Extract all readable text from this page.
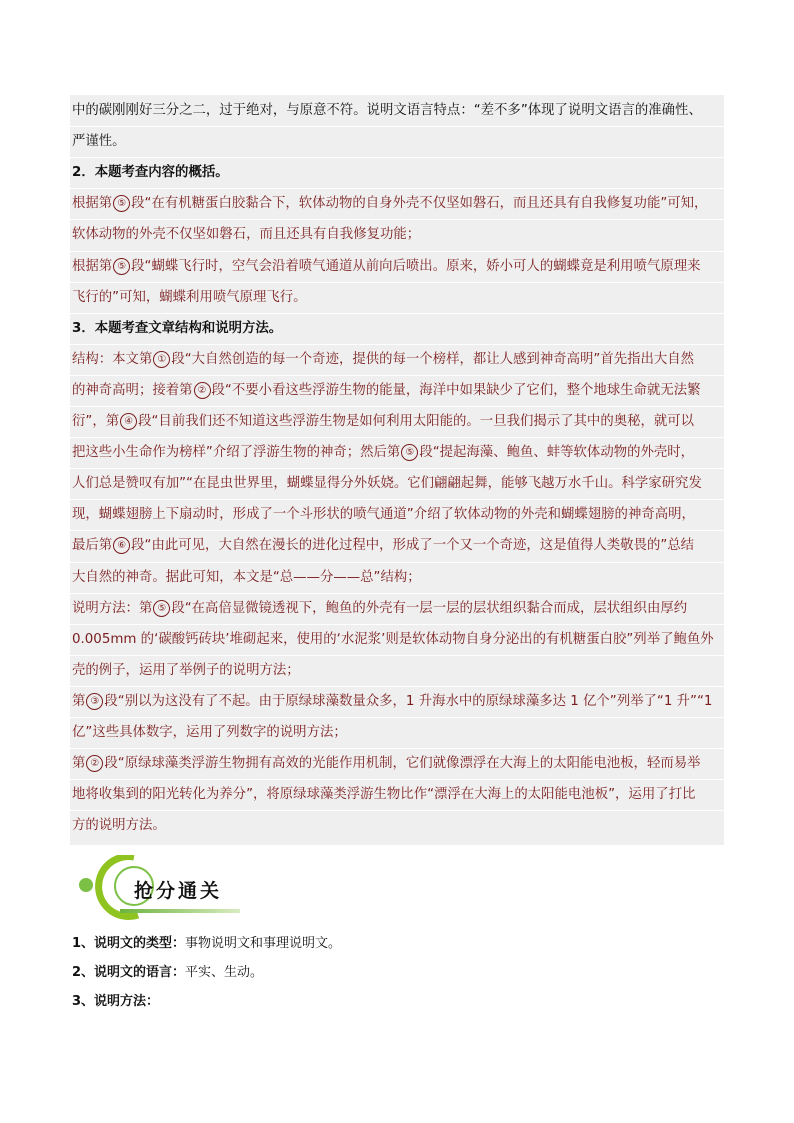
中的碳刚刚好三分之二，过于绝对，与原意不符。说明文语言特点：“差不多”体现了说明文语言的准确性、
严谨性。
2．本题考查内容的概括。
根据第 ⑤ 段“在有机糖蛋白胶黏合下，软体动物的自身外壳不仅坚如磐石，而且还具有自我修复功能”可知，
软体动物的外壳不仅坚如磐石，而且还具有自我修复功能；
根据第 ⑤ 段“蝴蝶飞行时，空气会沿着喷气通道从前向后喷出。原来，娇小可人的蝴蝶竟是利用喷气原理来
飞行的”可知，蝴蝶利用喷气原理飞行。
3．本题考查文章结构和说明方法。
结构：本文第 ① 段“大自然创造的每一个奇迹，提供的每一个榜样，都让人感到神奇高明”首先指出大自然
的神奇高明；接着第 ② 段“不要小看这些浮游生物的能量，海洋中如果缺少了它们，整个地球生命就无法繁
衍”，第 ④ 段“目前我们还不知道这些浮游生物是如何利用太阳能的。一旦我们揭示了其中的奥秘，就可以
把这些小生命作为榜样”介绍了浮游生物的神奇；然后第 ⑤ 段“提起海藻、鲍鱼、蚌等软体动物的外壳时，
人们总是赞叹有加”“在昆虫世界里，蝴蝶显得分外妖娆。它们翩翩起舞，能够飞越万水千山。科学家研究发
现，蝴蝶翅膀上下扇动时，形成了一个斗形状的喷气通道”介绍了软体动物的外壳和蝴蝶翅膀的神奇高明，
最后第 ⑥ 段“由此可见，大自然在漫长的进化过程中，形成了一个又一个奇迹，这是值得人类敬畏的”总结
大自然的神奇。据此可知，本文是“总——分——总”结构；
说明方法：第 ⑤ 段“在高倍显微镜透视下，鲍鱼的外壳有一层一层的层状组织黏合而成，层状组织由厚约
0.005mm 的‘碳酸钙砖块’堆砌起来，使用的‘水泥浆’则是软体动物自身分泌出的有机糖蛋白胶”列举了鲍鱼外
壳的例子，运用了举例子的说明方法；
第 ③ 段“别以为这没有了不起。由于原绿球藻数量众多，1 升海水中的原绿球藻多达 1 亿个”列举了“1 升”“1
亿”这些具体数字，运用了列数字的说明方法；
第 ② 段“原绿球藻类浮游生物拥有高效的光能作用机制，它们就像漂浮在大海上的太阳能电池板，轻而易举
地将收集到的阳光转化为养分”，将原绿球藻类浮游生物比作“漂浮在大海上的太阳能电池板”，运用了打比
方的说明方法。
抢分通关
1、说明文的类型：事物说明文和事理说明文。
2、说明文的语言：平实、生动。
3、说明方法：
